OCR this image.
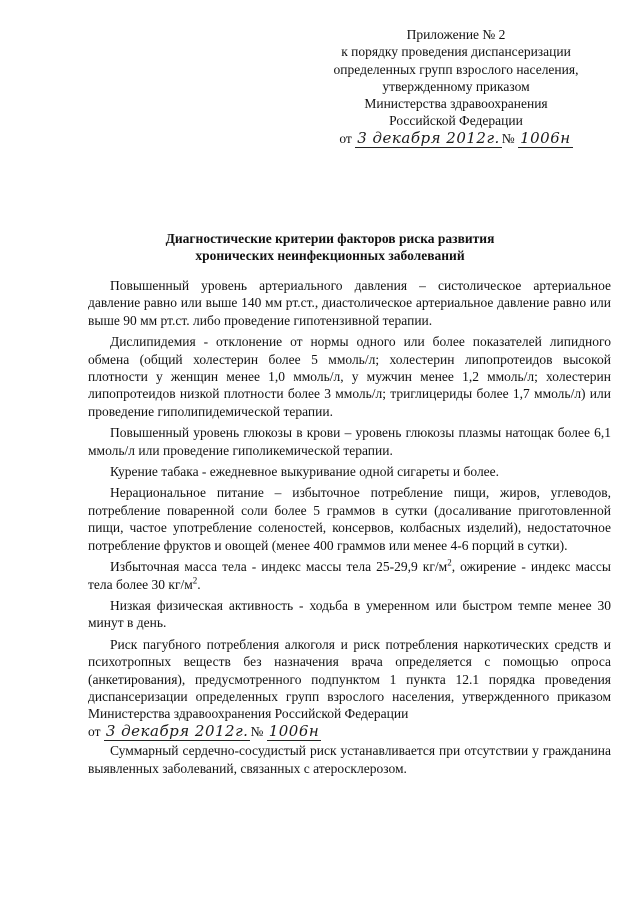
Приложение № 2
к порядку проведения диспансеризации
определенных групп взрослого населения,
утвержденному приказом
Министерства здравоохранения
Российской Федерации
от 3 декабря 2012г. № 1006н
Диагностические критерии факторов риска развития
хронических неинфекционных заболеваний

Повышенный уровень артериального давления – систолическое артериальное давление равно или выше 140 мм рт.ст., диастолическое артериальное давление равно или выше 90 мм рт.ст. либо проведение гипотензивной терапии.

Дислипидемия - отклонение от нормы одного или более показателей липидного обмена (общий холестерин более 5 ммоль/л; холестерин липопротеидов высокой плотности у женщин менее 1,0 ммоль/л, у мужчин менее 1,2 ммоль/л; холестерин липопротеидов низкой плотности более 3 ммоль/л; триглицериды более 1,7 ммоль/л) или проведение гиполипидемической терапии.

Повышенный уровень глюкозы в крови – уровень глюкозы плазмы натощак более 6,1 ммоль/л или проведение гиполикемической терапии.

Курение табака - ежедневное выкуривание одной сигареты и более.

Нерациональное питание – избыточное потребление пищи, жиров, углеводов, потребление поваренной соли более 5 граммов в сутки (досаливание приготовленной пищи, частое употребление соленостей, консервов, колбасных изделий), недостаточное потребление фруктов и овощей (менее 400 граммов или менее 4-6 порций в сутки).

Избыточная масса тела - индекс массы тела 25-29,9 $кг/м^2$, ожирение - индекс массы тела более 30 $кг/м^2$.

Низкая физическая активность - ходьба в умеренном или быстром темпе менее 30 минут в день.

Риск пагубного потребления алкоголя и риск потребления наркотических средств и психотропных веществ без назначения врача определяется с помощью опроса (анкетирования), предусмотренного подпунктом 1 пункта 12.1 порядка проведения диспансеризации определенных групп взрослого населения, утвержденного приказом Министерства здравоохранения Российской Федерации
от 3 декабря 2012г. № 1006н

Суммарный сердечно-сосудистый риск устанавливается при отсутствии у гражданина выявленных заболеваний, связанных с атеросклерозом.
